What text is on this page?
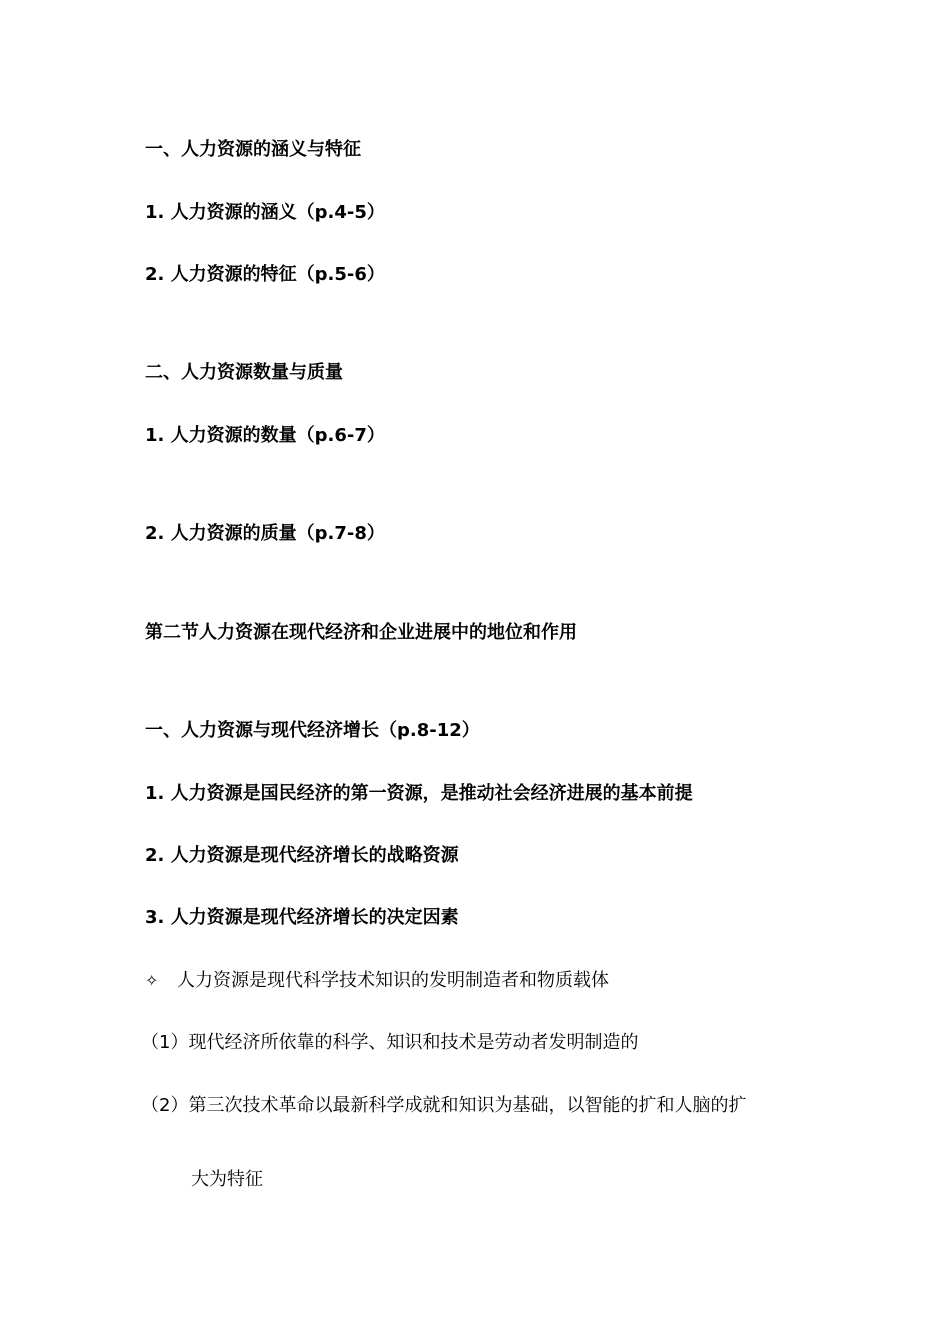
一、人力资源的涵义与特征
1. 人力资源的涵义（p.4-5）
2. 人力资源的特征（p.5-6）
二、人力资源数量与质量
1. 人力资源的数量（p.6-7）
2. 人力资源的质量（p.7-8）
第二节人力资源在现代经济和企业进展中的地位和作用
一、人力资源与现代经济增长（p.8-12）
1. 人力资源是国民经济的第一资源，是推动社会经济进展的基本前提
2. 人力资源是现代经济增长的战略资源
3. 人力资源是现代经济增长的决定因素
✧	人力资源是现代科学技术知识的发明制造者和物质载体
（1）现代经济所依靠的科学、知识和技术是劳动者发明制造的
（2）第三次技术革命以最新科学成就和知识为基础，以智能的扩和人脑的扩
大为特征
